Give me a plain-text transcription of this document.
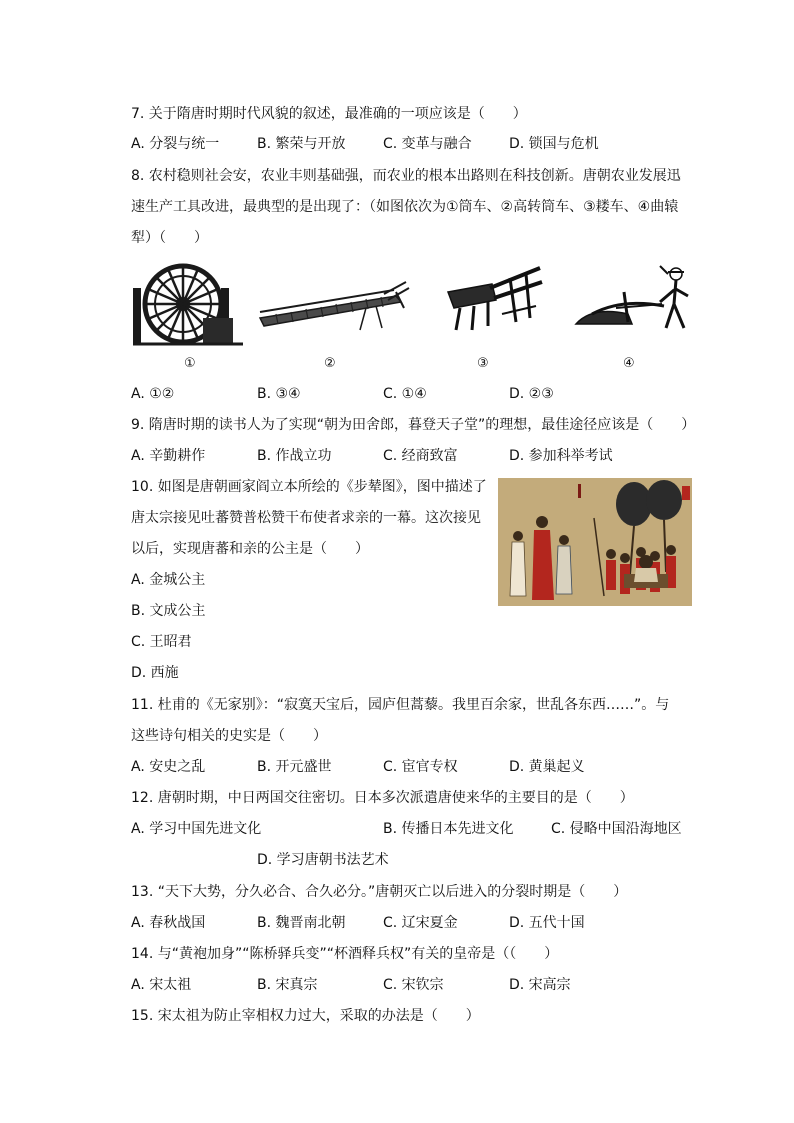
7. 关于隋唐时期时代风貌的叙述，最准确的一项应该是（　　）
A. 分裂与统一	B. 繁荣与开放	C. 变革与融合	D. 锁国与危机
8. 农村稳则社会安，农业丰则基础强，而农业的根本出路则在科技创新。唐朝农业发展迅
速生产工具改进，最典型的是出现了：（如图依次为①筒车、②高转筒车、③耧车、④曲辕
犁）（　　）
①	②	③	④
A. ①②	B. ③④	C. ①④	D. ②③
9. 隋唐时期的读书人为了实现“朝为田舍郎，暮登天子堂”的理想，最佳途径应该是（　　）
A. 辛勤耕作	B. 作战立功	C. 经商致富	D. 参加科举考试
10. 如图是唐朝画家阎立本所绘的《步辇图》，图中描述了
唐太宗接见吐蕃赞普松赞干布使者求亲的一幕。这次接见
以后，实现唐蕃和亲的公主是（　　）
A. 金城公主
B. 文成公主
C. 王昭君
D. 西施
11. 杜甫的《无家别》：“寂寞天宝后，园庐但蒿藜。我里百余家，世乱各东西……”。与
这些诗句相关的史实是（　　）
A. 安史之乱	B. 开元盛世	C. 宦官专权	D. 黄巢起义
12. 唐朝时期，中日两国交往密切。日本多次派遣唐使来华的主要目的是（　　）
A. 学习中国先进文化	B. 传播日本先进文化	C. 侵略中国沿海地区
D. 学习唐朝书法艺术
13. “天下大势，分久必合、合久必分。”唐朝灭亡以后进入的分裂时期是（　　）
A. 春秋战国	B. 魏晋南北朝	C. 辽宋夏金	D. 五代十国
14. 与“黄袍加身”“陈桥驿兵变”“杯酒释兵权”有关的皇帝是（（　　）
A. 宋太祖	B. 宋真宗	C. 宋钦宗	D. 宋高宗
15. 宋太祖为防止宰相权力过大，采取的办法是（　　）
